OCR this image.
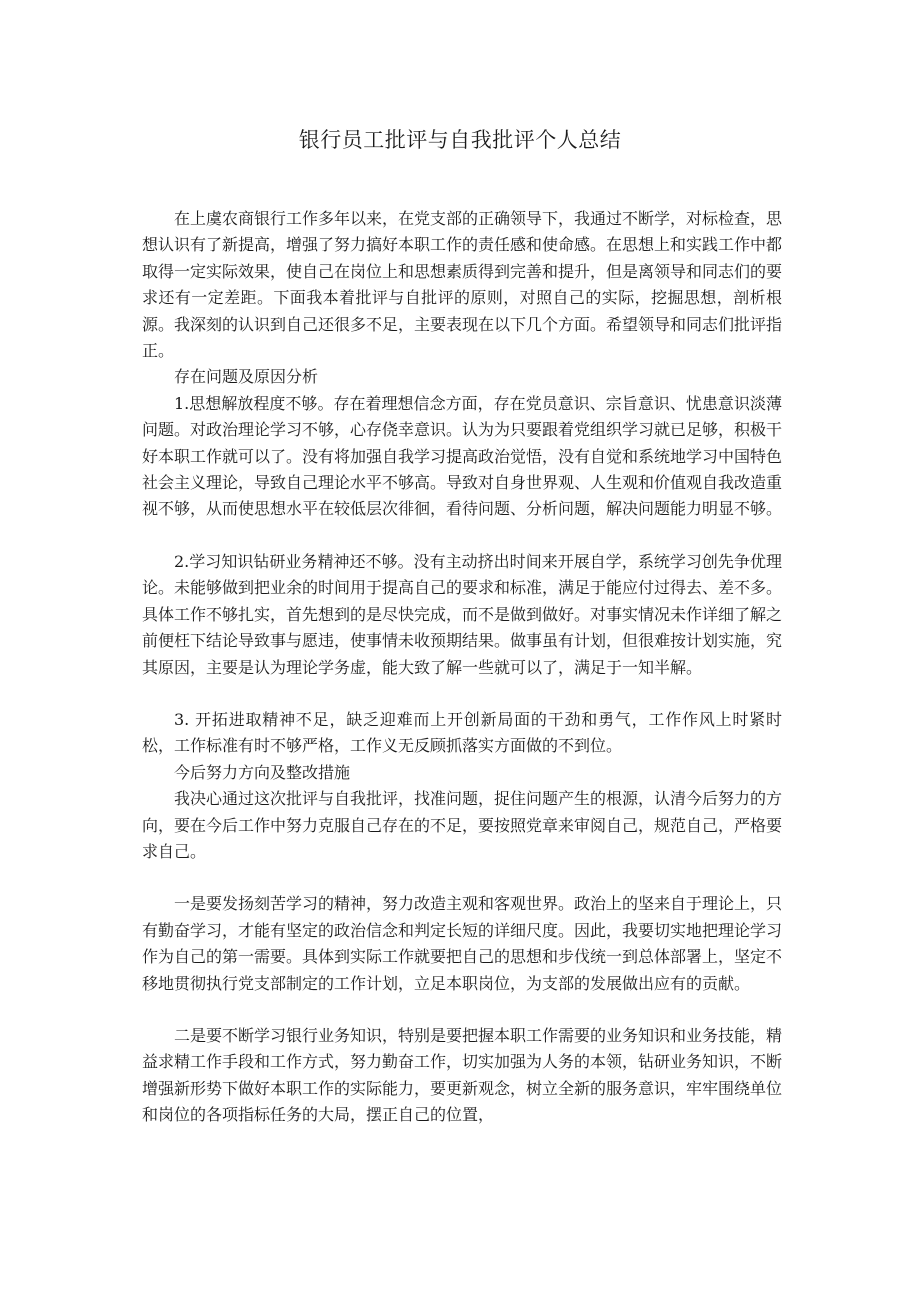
银行员工批评与自我批评个人总结

在上虞农商银行工作多年以来，在党支部的正确领导下，我通过不断学，对标检查，思想认识有了新提高，增强了努力搞好本职工作的责任感和使命感。在思想上和实践工作中都取得一定实际效果，使自己在岗位上和思想素质得到完善和提升，但是离领导和同志们的要求还有一定差距。下面我本着批评与自批评的原则，对照自己的实际，挖掘思想，剖析根源。我深刻的认识到自己还很多不足，主要表现在以下几个方面。希望领导和同志们批评指正。

存在问题及原因分析

1.思想解放程度不够。存在着理想信念方面，存在党员意识、宗旨意识、忧患意识淡薄问题。对政治理论学习不够，心存侥幸意识。认为为只要跟着党组织学习就已足够，积极干好本职工作就可以了。没有将加强自我学习提高政治觉悟，没有自觉和系统地学习中国特色社会主义理论，导致自己理论水平不够高。导致对自身世界观、人生观和价值观自我改造重视不够，从而使思想水平在较低层次徘徊，看待问题、分析问题，解决问题能力明显不够。

2.学习知识钻研业务精神还不够。没有主动挤出时间来开展自学，系统学习创先争优理论。未能够做到把业余的时间用于提高自己的要求和标准，满足于能应付过得去、差不多。具体工作不够扎实，首先想到的是尽快完成，而不是做到做好。对事实情况未作详细了解之前便枉下结论导致事与愿违，使事情未收预期结果。做事虽有计划，但很难按计划实施，究其原因，主要是认为理论学务虚，能大致了解一些就可以了，满足于一知半解。

3. 开拓进取精神不足，缺乏迎难而上开创新局面的干劲和勇气，工作作风上时紧时松，工作标准有时不够严格，工作义无反顾抓落实方面做的不到位。

今后努力方向及整改措施

我决心通过这次批评与自我批评，找准问题，捉住问题产生的根源，认清今后努力的方向，要在今后工作中努力克服自己存在的不足，要按照党章来审阅自己，规范自己，严格要求自己。

一是要发扬刻苦学习的精神，努力改造主观和客观世界。政治上的坚来自于理论上，只有勤奋学习，才能有坚定的政治信念和判定长短的详细尺度。因此，我要切实地把理论学习作为自己的第一需要。具体到实际工作就要把自己的思想和步伐统一到总体部署上，坚定不移地贯彻执行党支部制定的工作计划，立足本职岗位，为支部的发展做出应有的贡献。

二是要不断学习银行业务知识，特别是要把握本职工作需要的业务知识和业务技能，精益求精工作手段和工作方式，努力勤奋工作，切实加强为人务的本领，钻研业务知识，不断增强新形势下做好本职工作的实际能力，要更新观念，树立全新的服务意识，牢牢围绕单位和岗位的各项指标任务的大局，摆正自己的位置，
